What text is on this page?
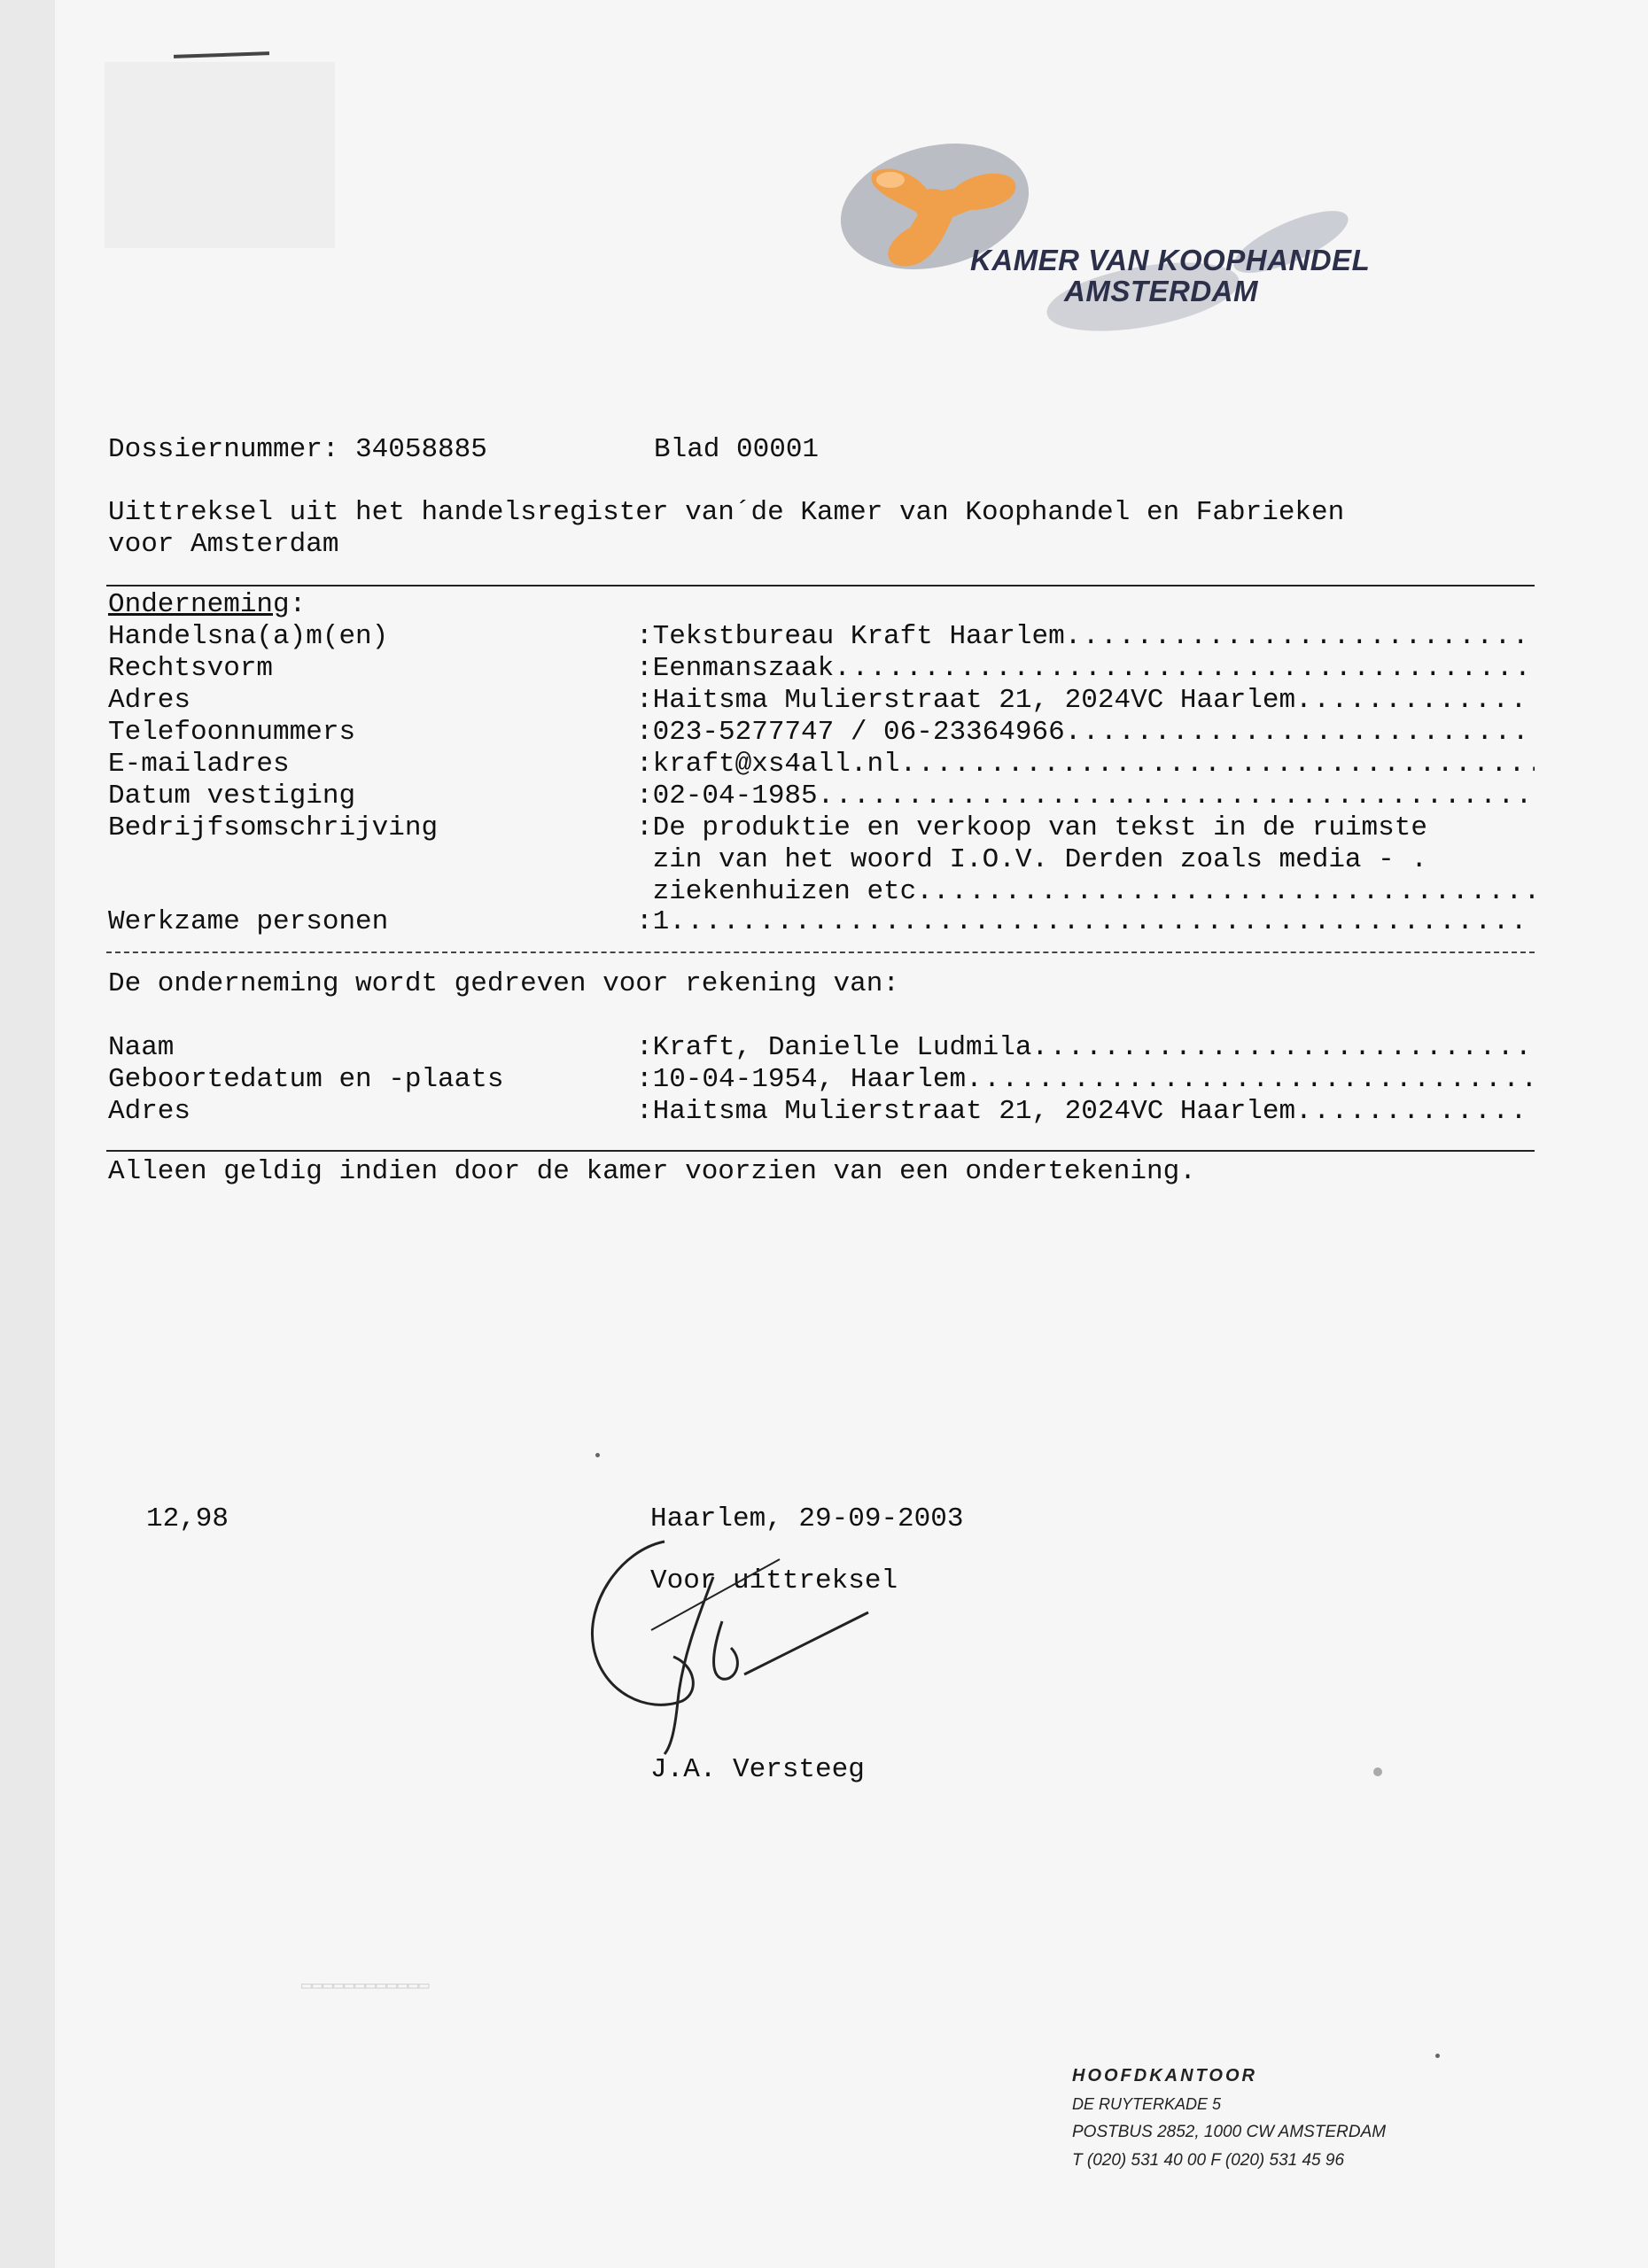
KAMER VAN KOOPHANDEL
AMSTERDAM
Dossiernummer: 34058885	Blad 00001
Uittreksel uit het handelsregister van´de Kamer van Koophandel en Fabrieken
voor Amsterdam
Onderneming:
Handelsna(a)m(en)	:Tekstbureau Kraft Haarlem
. . .
Rechtsvorm	:Eenmanszaak
. . .
Adres	:Haitsma Mulierstraat 21, 2024VC Haarlem
. . .
Telefoonnummers	:023-5277747 / 06-23364966
. . .
E-mailadres	:kraft@xs4all.nl
. . .
Datum vestiging	:02-04-1985
. . .
Bedrijfsomschrijving	:De produktie en verkoop van tekst in de ruimste
zin van het woord I.O.V. Derden zoals media - .
ziekenhuizen etc.
. . .
Werkzame personen	:1
. . .
De onderneming wordt gedreven voor rekening van:
Naam	:Kraft, Danielle Ludmila
. . .
Geboortedatum en -plaats	:10-04-1954, Haarlem
. . .
Adres	:Haitsma Mulierstraat 21, 2024VC Haarlem
. . .
Alleen geldig indien door de kamer voorzien van een ondertekening.
12,98	Haarlem, 29-09-2003
Voor uittreksel
J.A. Versteeg
▭▭▭▭▭▭▭▭▭▭▭▭
HOOFDKANTOOR
DE RUYTERKADE 5
POSTBUS 2852, 1000 CW AMSTERDAM
T (020) 531 40 00 F (020) 531 45 96
